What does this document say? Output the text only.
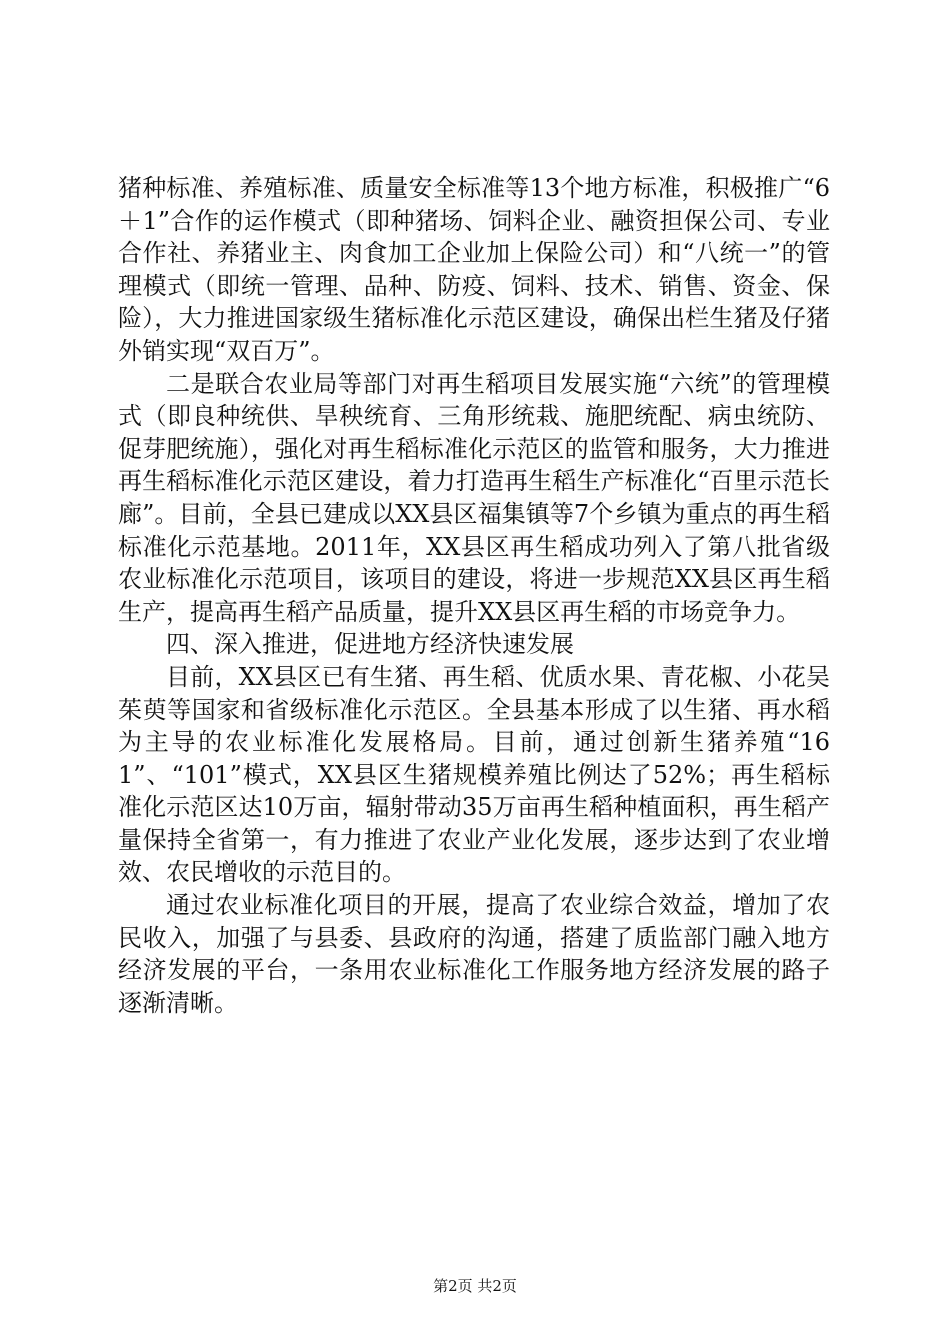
猪种标准、养殖标准、质量安全标准等13个地方标准，积极推广“6＋1”合作的运作模式（即种猪场、饲料企业、融资担保公司、专业合作社、养猪业主、肉食加工企业加上保险公司）和“八统一”的管理模式（即统一管理、品种、防疫、饲料、技术、销售、资金、保险），大力推进国家级生猪标准化示范区建设，确保出栏生猪及仔猪外销实现“双百万”。

二是联合农业局等部门对再生稻项目发展实施“六统”的管理模式（即良种统供、旱秧统育、三角形统栽、施肥统配、病虫统防、促芽肥统施），强化对再生稻标准化示范区的监管和服务，大力推进再生稻标准化示范区建设，着力打造再生稻生产标准化“百里示范长廊”。目前，全县已建成以XX县区福集镇等7个乡镇为重点的再生稻标准化示范基地。2011年，XX县区再生稻成功列入了第八批省级农业标准化示范项目，该项目的建设，将进一步规范XX县区再生稻生产，提高再生稻产品质量，提升XX县区再生稻的市场竞争力。

四、深入推进，促进地方经济快速发展

目前，XX县区已有生猪、再生稻、优质水果、青花椒、小花吴茱萸等国家和省级标准化示范区。全县基本形成了以生猪、再水稻为主导的农业标准化发展格局。目前，通过创新生猪养殖“161”、“101”模式，XX县区生猪规模养殖比例达了52%；再生稻标准化示范区达10万亩，辐射带动35万亩再生稻种植面积，再生稻产量保持全省第一，有力推进了农业产业化发展，逐步达到了农业增效、农民增收的示范目的。

通过农业标准化项目的开展，提高了农业综合效益，增加了农民收入，加强了与县委、县政府的沟通，搭建了质监部门融入地方经济发展的平台，一条用农业标准化工作服务地方经济发展的路子逐渐清晰。

第2页 共2页
